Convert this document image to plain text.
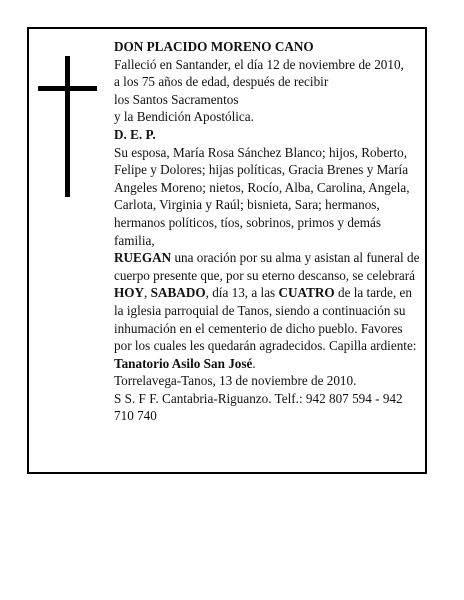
DON PLACIDO MORENO CANO

Falleció en Santander, el día 12 de noviembre de 2010,

a los 75 años de edad, después de recibir

los Santos Sacramentos

y la Bendición Apostólica.

D. E. P.

Su esposa, María Rosa Sánchez Blanco; hijos, Roberto, Felipe y Dolores; hijas políticas, Gracia Brenes y María Angeles Moreno; nietos, Rocío, Alba, Carolina, Angela, Carlota, Virginia y Raúl; bisnieta, Sara; hermanos, hermanos políticos, tíos, sobrinos, primos y demás familia,

RUEGAN una oración por su alma y asistan al funeral de cuerpo presente que, por su eterno descanso, se celebrará HOY, SABADO, día 13, a las CUATRO de la tarde, en la iglesia parroquial de Tanos, siendo a continuación su inhumación en el cementerio de dicho pueblo. Favores por los cuales les quedarán agradecidos. Capilla ardiente: Tanatorio Asilo San José.

Torrelavega-Tanos, 13 de noviembre de 2010.

S S. F F. Cantabria-Riguanzo. Telf.: 942 807 594 - 942 710 740
